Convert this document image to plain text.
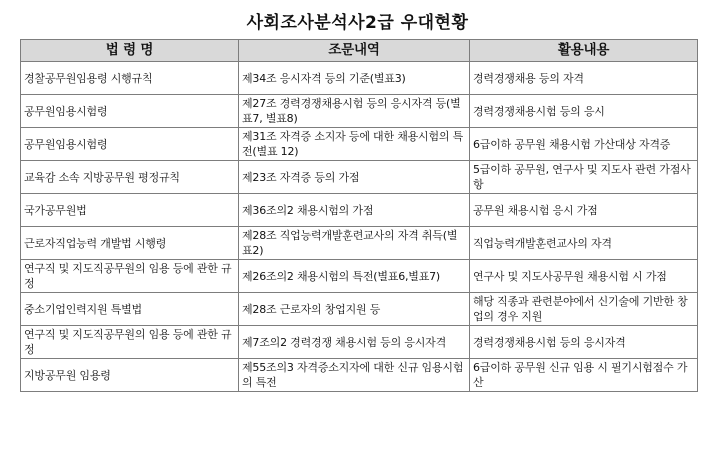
사회조사분석사2급 우대현황
법 령 명	조문내역	활용내용
경찰공무원임용령 시행규칙	제34조 응시자격 등의 기준(별표3)	경력경쟁채용 등의 자격
공무원임용시험령	제27조 경력경쟁채용시험 등의 응시자격 등(별표7, 별표8)	경력경쟁채용시험 등의 응시
공무원임용시험령	제31조 자격증 소지자 등에 대한 채용시험의 특전(별표 12)	6급이하 공무원 채용시험 가산대상 자격증
교육감 소속 지방공무원 평정규칙	제23조 자격증 등의 가점	5급이하 공무원, 연구사 및 지도사 관련 가점사항
국가공무원법	제36조의2 채용시험의 가점	공무원 채용시험 응시 가점
근로자직업능력 개발법 시행령	제28조 직업능력개발훈련교사의 자격 취득(별표2)	직업능력개발훈련교사의 자격
연구직 및 지도직공무원의 임용 등에 관한 규정	제26조의2 채용시험의 특전(별표6,별표7)	연구사 및 지도사공무원 채용시험 시 가점
중소기업인력지원 특별법	제28조 근로자의 창업지원 등	해당 직종과 관련분야에서 신기술에 기반한 창업의 경우 지원
연구직 및 지도직공무원의 임용 등에 관한 규정	제7조의2 경력경쟁 채용시험 등의 응시자격	경력경쟁채용시험 등의 응시자격
지방공무원 임용령	제55조의3 자격증소지자에 대한 신규 임용시험의 특전	6급이하 공무원 신규 임용 시 필기시험점수 가산
